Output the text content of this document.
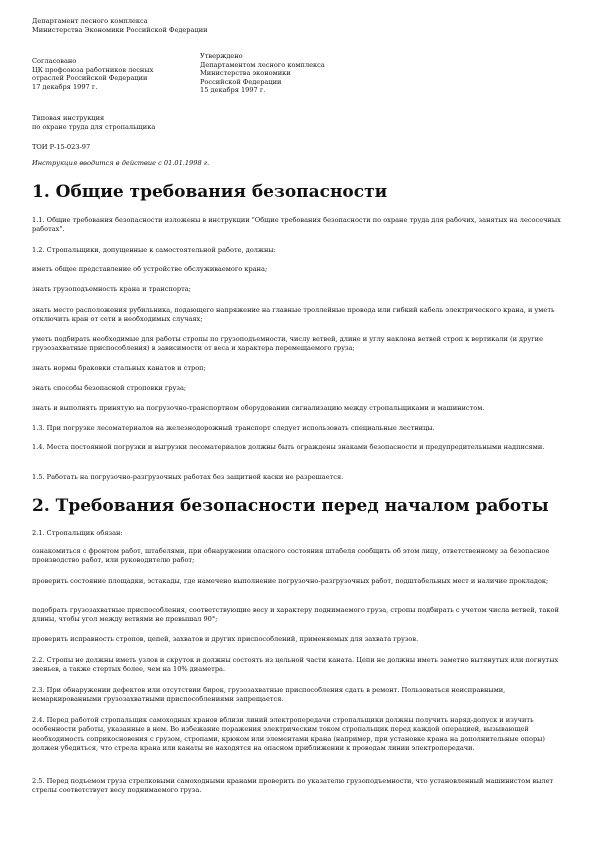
Департамент лесного комплекса
Министерства Экономики Российской Федерации
Согласовано
ЦК профсоюза работников лесных
отраслей Российской Федерации
17 декабря 1997 г.
Утверждено
Департаментом лесного комплекса
Министерства экономики
Российской Федерации
15 декабря 1997 г.
Типовая инструкция
по охране труда для стропальщика
ТОИ Р-15-023-97
Инструкция вводится в действие с 01.01.1998 г.
1. Общие требования безопасности
1.1. Общие требования безопасности изложены в инструкции "Общие требования безопасности по охране труда для рабочих, занятых на лесосечных работах".
1.2. Стропальщики, допущенные к самостоятельной работе, должны:
иметь общее представление об устройстве обслуживаемого крана;
знать грузоподъемность крана и транспорта;
знать место расположения рубильника, подающего напряжение на главные троллейные провода или гибкий кабель электрического крана, и уметь отключить кран от сети в необходимых случаях;
уметь подбирать необходимые для работы стропы по грузоподъемности, числу ветвей, длине и углу наклона ветвей строп к вертикали (и другие грузозахватные приспособления) в зависимости от веса и характера перемещаемого груза;
знать нормы браковки стальных канатов и строп;
знать способы безопасной строповки груза;
знать и выполнять принятую на погрузочно-транспортном оборудовании сигнализацию между стропальщиками и машинистом.
1.3. При погрузке лесоматериалов на железнодорожный транспорт следует использовать специальные лестницы.
1.4. Места постоянной погрузки и выгрузки лесоматериалов должны быть ограждены знаками безопасности и предупредительными надписями.
1.5. Работать на погрузочно-разгрузочных работах без защитной каски не разрешается.
2. Требования безопасности перед началом работы
2.1. Стропальщик обязан:
ознакомиться с фронтом работ, штабелями, при обнаружении опасного состояния штабеля сообщить об этом лицу, ответственному за безопасное производство работ, или руководителю работ;
проверить состояние площадки, эстакады, где намечено выполнение погрузочно-разгрузочных работ, подштабельных мест и наличие прокладок;
подобрать грузозахватные приспособления, соответствующие весу и характеру поднимаемого груза, стропы подбирать с учетом числа ветвей, такой длины, чтобы угол между ветвями не превышал 90°;
проверить исправность стропов, цепей, захватов и других приспособлений, применяемых для захвата грузов.
2.2. Стропы не должны иметь узлов и скруток и должны состоять из цельной части каната. Цепи не должны иметь заметно вытянутых или погнутых звеньев, а также стертых более, чем на 10% диаметра.
2.3. При обнаружении дефектов или отсутствии бирок, грузозахватные приспособления сдать в ремонт. Пользоваться неисправными, немаркированными грузозахватными приспособлениями запрещается.
2.4. Перед работой стропальщик самоходных кранов вблизи линий электропередачи стропальщики должны получить наряд-допуск и изучить особенности работы, указанные в нем. Во избежание поражения электрическим током стропальщик перед каждой операцией, вызывающей необходимость соприкосновения с грузом, стропами, крюком или элементами крана (например, при установке крана на дополнительные опоры) должен убедиться, что стрела крана или канаты не находятся на опасном приближении к проводам линии электропередачи.
2.5. Перед подъемом груза стрелковыми самоходными кранами проверить по указателю грузоподъемности, что установленный машинистом вылет стрелы соответствует весу поднимаемого груза.
